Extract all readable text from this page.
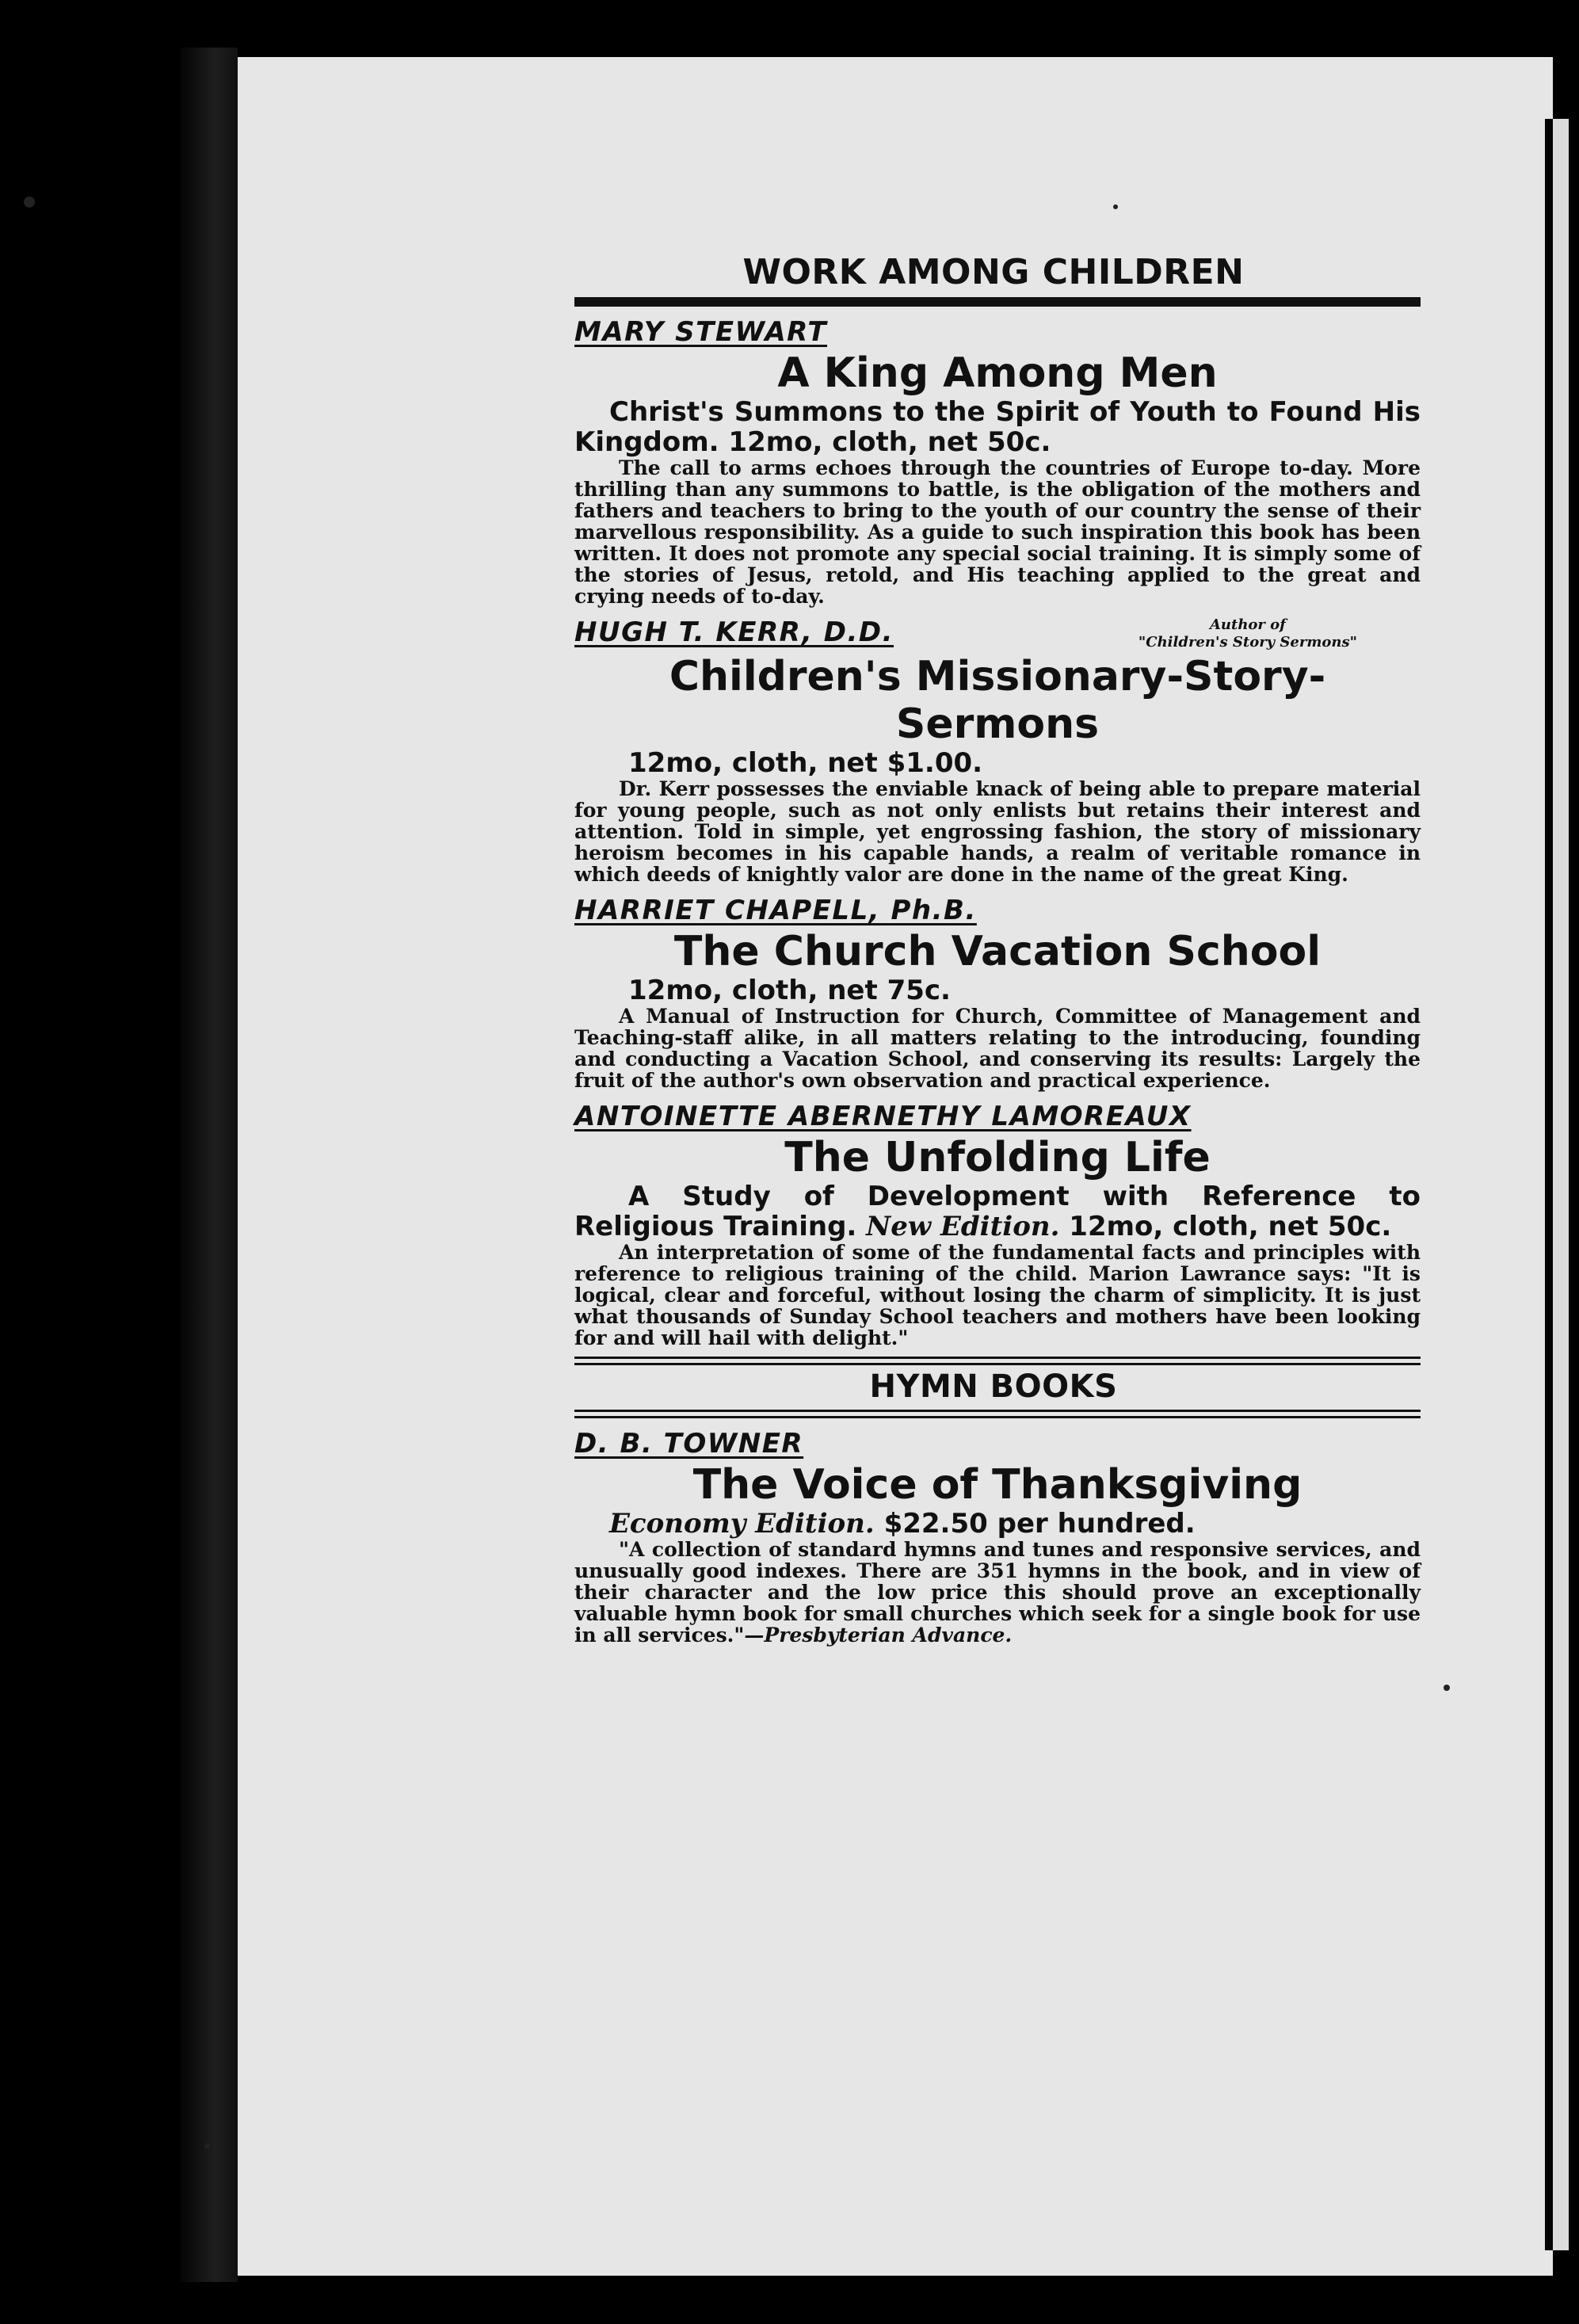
WORK AMONG CHILDREN
MARY STEWART
A King Among Men

Christ's Summons to the Spirit of Youth to Found His Kingdom. 12mo, cloth, net 50c.

The call to arms echoes through the countries of Europe to-day. More thrilling than any summons to battle, is the obligation of the mothers and fathers and teachers to bring to the youth of our country the sense of their marvellous responsibility. As a guide to such inspiration this book has been written. It does not promote any special social training. It is simply some of the stories of Jesus, retold, and His teaching applied to the great and crying needs of to-day.

HUGH T. KERR, D.D.	Author of
"Children's Story Sermons"
Children's Missionary-Story-Sermons

12mo, cloth, net $1.00.

Dr. Kerr possesses the enviable knack of being able to prepare material for young people, such as not only enlists but retains their interest and attention. Told in simple, yet engrossing fashion, the story of missionary heroism becomes in his capable hands, a realm of veritable romance in which deeds of knightly valor are done in the name of the great King.

HARRIET CHAPELL, Ph.B.
The Church Vacation School

12mo, cloth, net 75c.

A Manual of Instruction for Church, Committee of Management and Teaching-staff alike, in all matters relating to the introducing, founding and conducting a Vacation School, and conserving its results: Largely the fruit of the author's own observation and practical experience.

ANTOINETTE ABERNETHY LAMOREAUX
The Unfolding Life

A Study of Development with Reference to Religious Training. New Edition. 12mo, cloth, net 50c.

An interpretation of some of the fundamental facts and principles with reference to religious training of the child. Marion Lawrance says: "It is logical, clear and forceful, without losing the charm of simplicity. It is just what thousands of Sunday School teachers and mothers have been looking for and will hail with delight."

HYMN BOOKS
D. B. TOWNER
The Voice of Thanksgiving

Economy Edition. $22.50 per hundred.

"A collection of standard hymns and tunes and responsive services, and unusually good indexes. There are 351 hymns in the book, and in view of their character and the low price this should prove an exceptionally valuable hymn book for small churches which seek for a single book for use in all services."—Presbyterian Advance.
